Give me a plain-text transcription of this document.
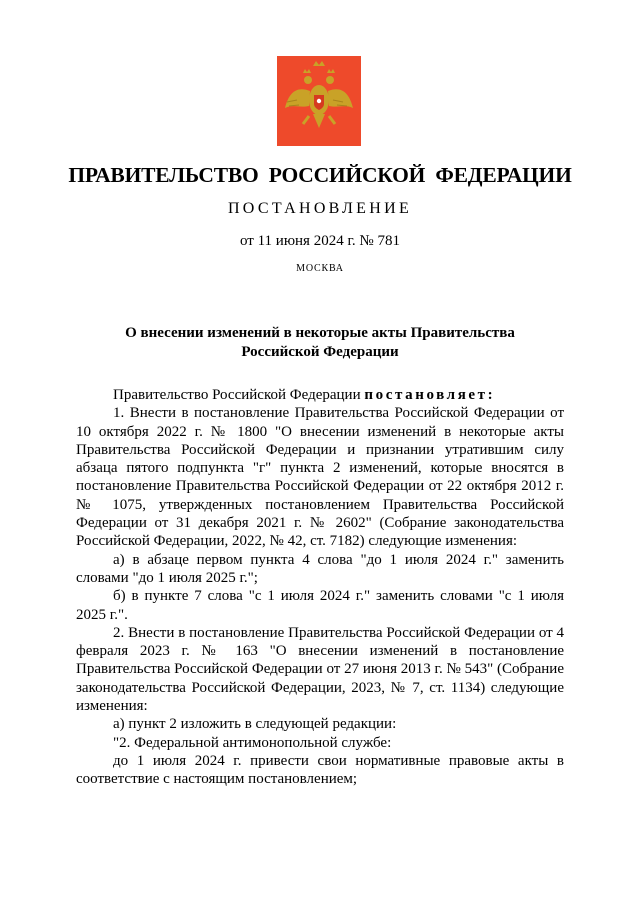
ПРАВИТЕЛЬСТВО РОССИЙСКОЙ ФЕДЕРАЦИИ
ПОСТАНОВЛЕНИЕ
от 11 июня 2024 г. № 781
МОСКВА
О внесении изменений в некоторые акты Правительства
Российской Федерации

Правительство Российской Федерации постановляет:

1. Внести в постановление Правительства Российской Федерации от 10 октября 2022 г. № 1800 "О внесении изменений в некоторые акты Правительства Российской Федерации и признании утратившим силу абзаца пятого подпункта "г" пункта 2 изменений, которые вносятся в постановление Правительства Российской Федерации от 22 октября 2012 г. № 1075, утвержденных постановлением Правительства Российской Федерации от 31 декабря 2021 г. № 2602" (Собрание законодательства Российской Федерации, 2022, № 42, ст. 7182) следующие изменения:

а) в абзаце первом пункта 4 слова "до 1 июля 2024 г." заменить словами "до 1 июля 2025 г.";

б) в пункте 7 слова "с 1 июля 2024 г." заменить словами "с 1 июля 2025 г.".

2. Внести в постановление Правительства Российской Федерации от 4 февраля 2023 г. № 163 "О внесении изменений в постановление Правительства Российской Федерации от 27 июня 2013 г. № 543" (Собрание законодательства Российской Федерации, 2023, № 7, ст. 1134) следующие изменения:

а) пункт 2 изложить в следующей редакции:

"2. Федеральной антимонопольной службе:

до 1 июля 2024 г. привести свои нормативные правовые акты в соответствие с настоящим постановлением;
